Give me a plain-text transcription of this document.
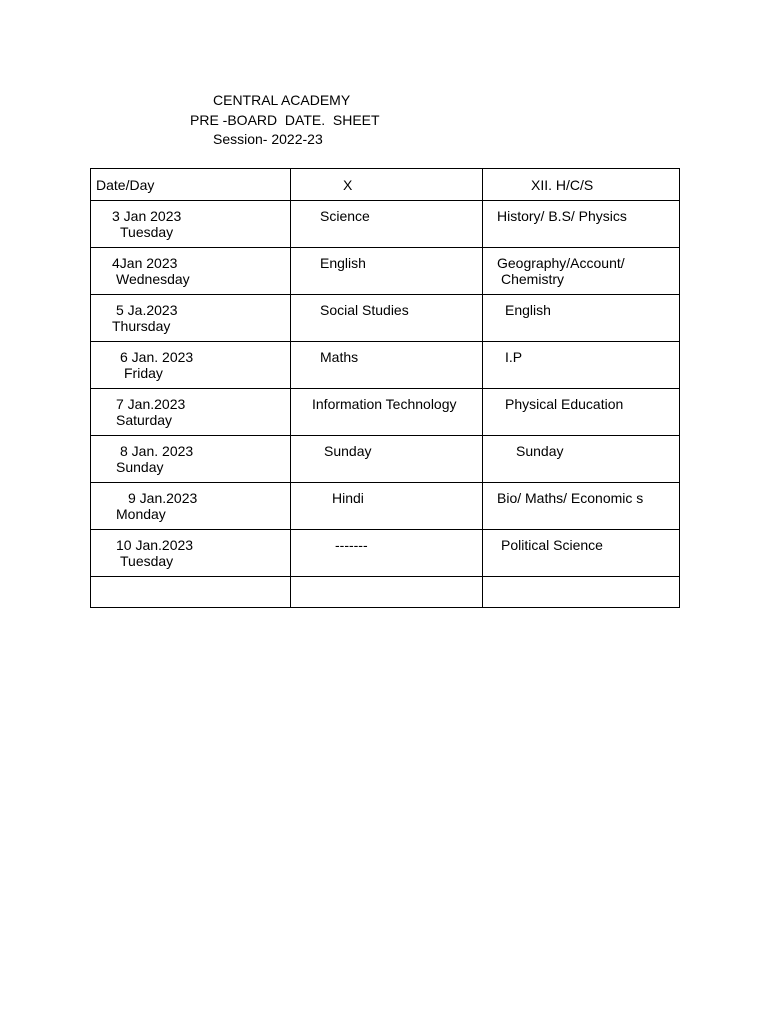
CENTRAL ACADEMY
PRE -BOARD  DATE.  SHEET
Session- 2022-23
Date/Day	X	XII. H/C/S

3 Jan 2023
Tuesday	Science	History/ B.S/ Physics

4Jan 2023
Wednesday	English	Geography/Account/
Chemistry

5 Ja.2023
Thursday	Social Studies	English

6 Jan. 2023
Friday	Maths	I.P

7 Jan.2023
Saturday	Information Technology	Physical Education

8 Jan. 2023
Sunday	Sunday	Sunday

9 Jan.2023
Monday	Hindi	Bio/ Maths/ Economic s

10 Jan.2023
Tuesday	-------	Political Science
